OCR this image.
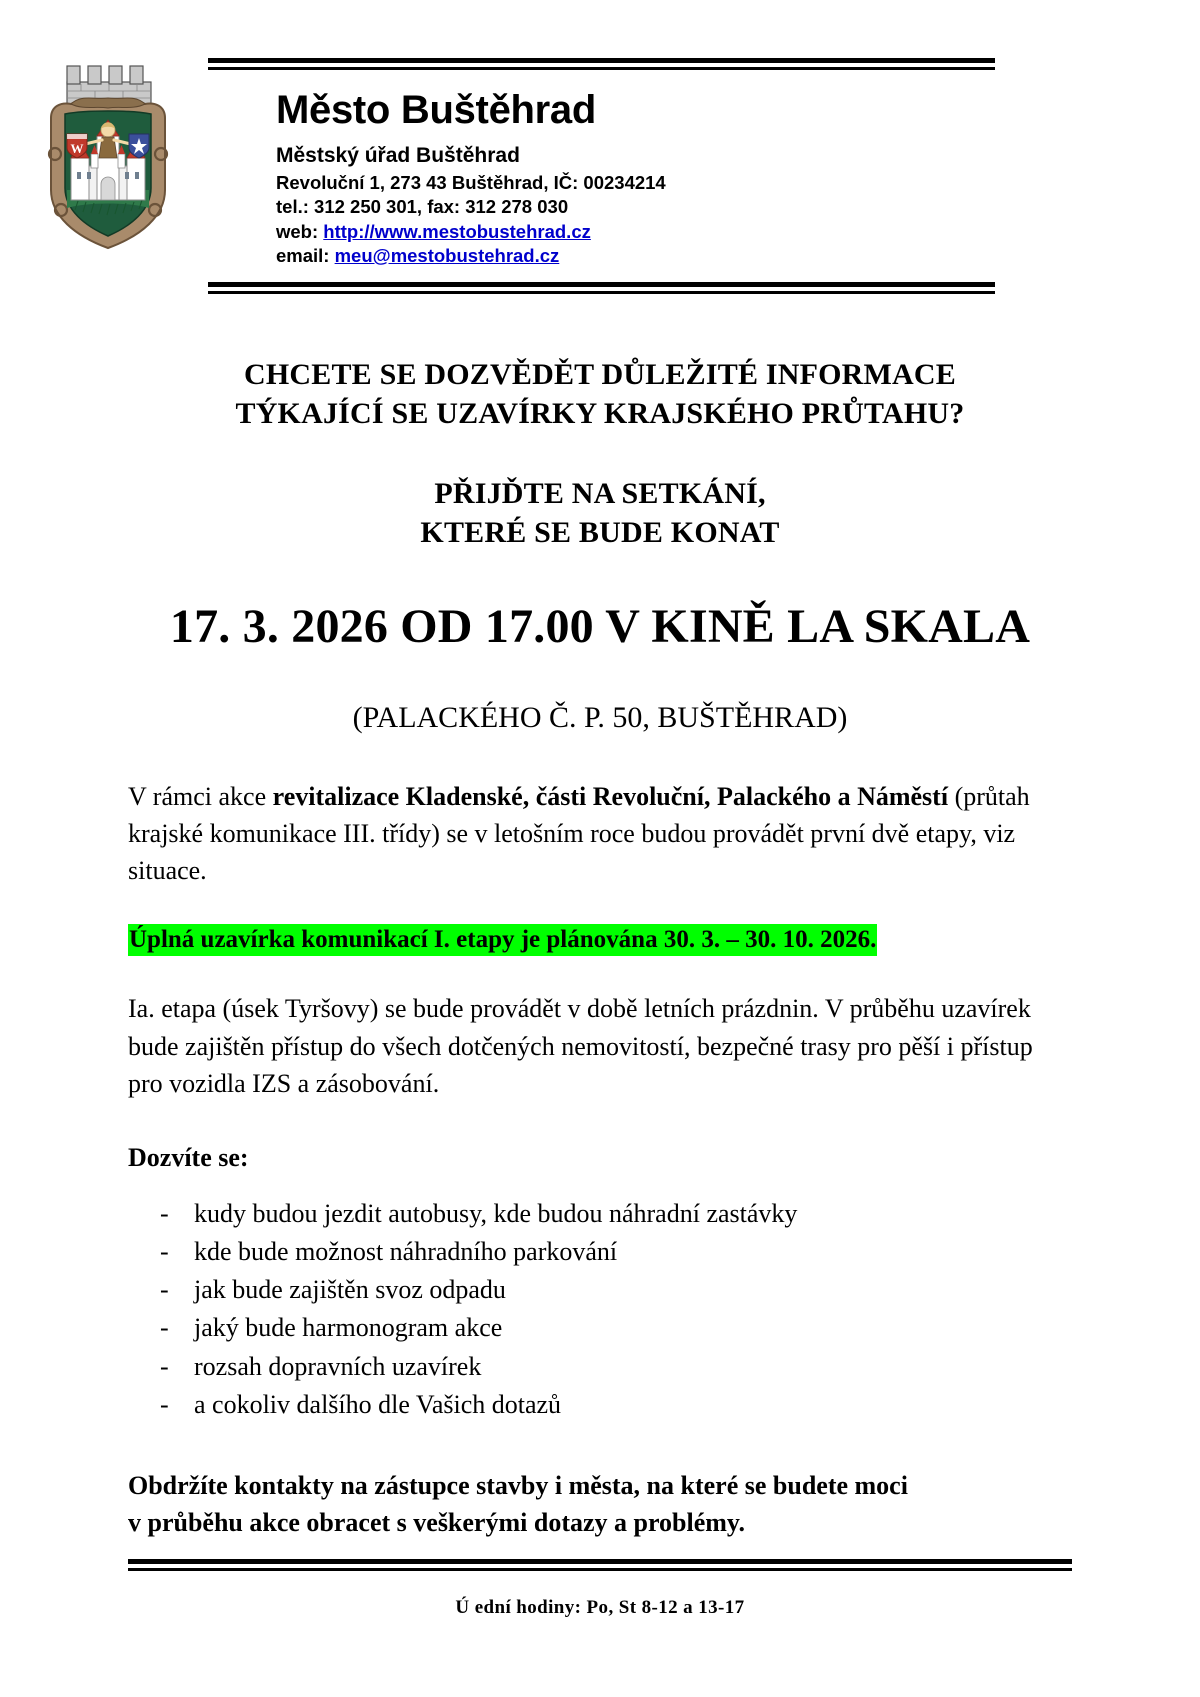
W
Město Buštěhrad
Městský úřad Buštěhrad
Revoluční 1, 273 43 Buštěhrad, IČ: 00234214
tel.: 312 250 301, fax: 312 278 030
web: http://www.mestobustehrad.cz
email: meu@mestobustehrad.cz
CHCETE SE DOZVĚDĚT DŮLEŽITÉ INFORMACE
TÝKAJÍCÍ SE UZAVÍRKY KRAJSKÉHO PRŮTAHU?
PŘIJĎTE NA SETKÁNÍ,
KTERÉ SE BUDE KONAT
17. 3. 2026 OD 17.00 V KINĚ LA SKALA
(PALACKÉHO Č. P. 50, BUŠTĚHRAD)
V rámci akce revitalizace Kladenské, části Revoluční, Palackého a Náměstí (průtah krajské komunikace III. třídy) se v letošním roce budou provádět první dvě etapy, viz situace.
Úplná uzavírka komunikací I. etapy je plánována 30. 3. – 30. 10. 2026.
Ia. etapa (úsek Tyršovy) se bude provádět v době letních prázdnin. V průběhu uzavírek bude zajištěn přístup do všech dotčených nemovitostí, bezpečné trasy pro pěší i přístup pro vozidla IZS a zásobování.
Dozvíte se:
- kudy budou jezdit autobusy, kde budou náhradní zastávky
- kde bude možnost náhradního parkování
- jak bude zajištěn svoz odpadu
- jaký bude harmonogram akce
- rozsah dopravních uzavírek
- a cokoliv dalšího dle Vašich dotazů
Obdržíte kontakty na zástupce stavby i města, na které se budete moci
v průběhu akce obracet s veškerými dotazy a problémy.
Ú ední hodiny: Po, St 8-12 a 13-17
